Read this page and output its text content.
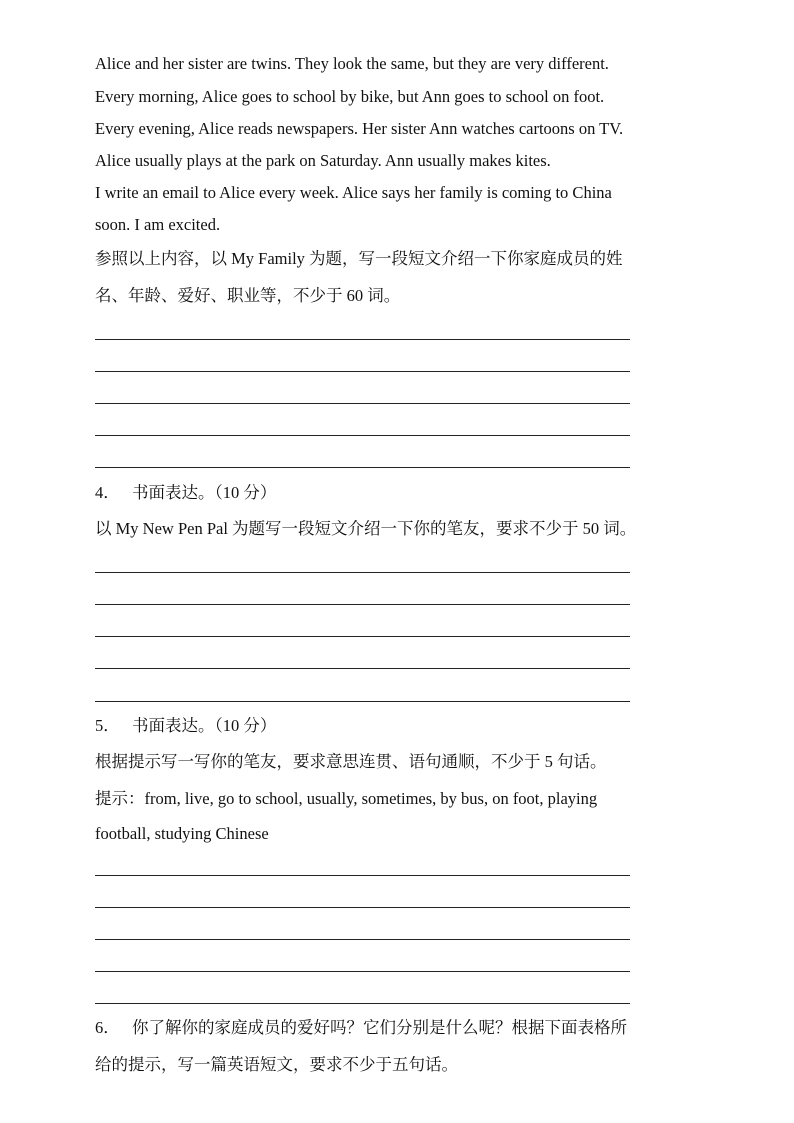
Alice and her sister are twins. They look the same, but they are very different.
Every morning, Alice goes to school by bike, but Ann goes to school on foot.
Every evening, Alice reads newspapers. Her sister Ann watches cartoons on TV.
Alice usually plays at the park on Saturday. Ann usually makes kites.
I write an email to Alice every week. Alice says her family is coming to China
soon. I am excited.
参照以上内容，以 My Family 为题，写一段短文介绍一下你家庭成员的姓
名、年龄、爱好、职业等，不少于 60 词。
4． 书面表达。（10 分）
以 My New Pen Pal 为题写一段短文介绍一下你的笔友，要求不少于 50 词。
5． 书面表达。（10 分）
根据提示写一写你的笔友，要求意思连贯、语句通顺，不少于 5 句话。
提示：from, live, go to school, usually, sometimes, by bus, on foot, playing
football, studying Chinese
6． 你了解你的家庭成员的爱好吗？它们分别是什么呢？根据下面表格所
给的提示，写一篇英语短文，要求不少于五句话。
